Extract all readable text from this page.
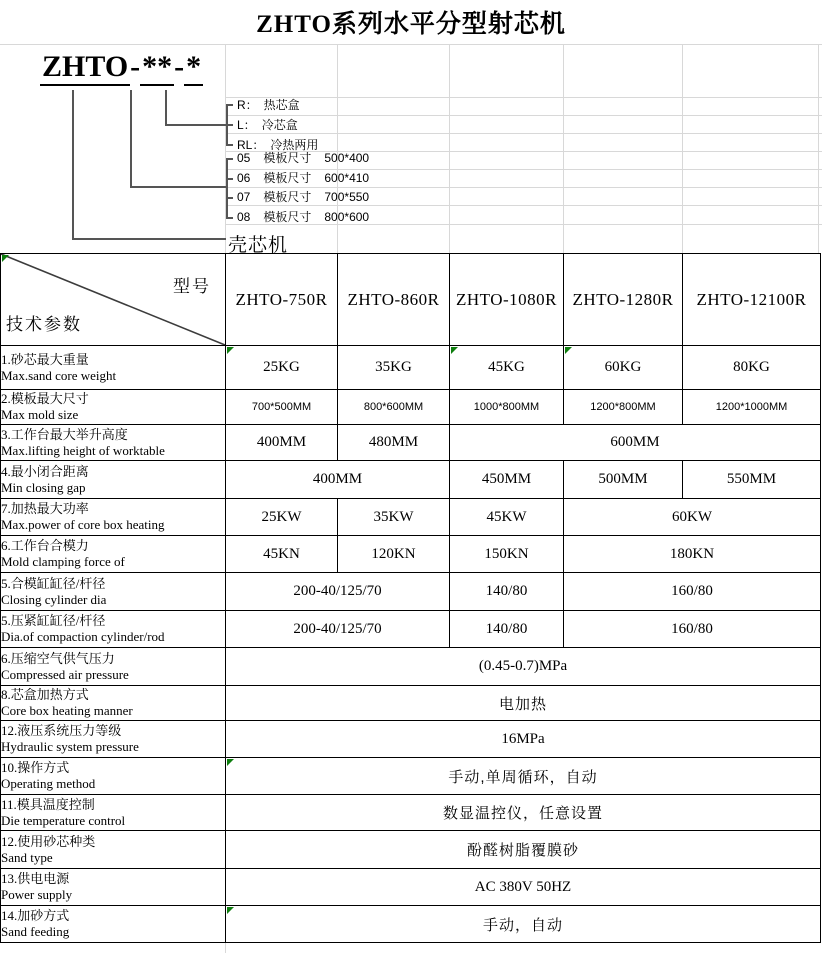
ZHTO系列水平分型射芯机
ZHTO-**-*
R： 热芯盒
L： 冷芯盒
RL： 冷热两用
05 模板尺寸 500*400
06 模板尺寸 600*410
07 模板尺寸 700*550
08 模板尺寸 800*600
壳芯机
型号
技术参数	ZHTO-750R	ZHTO-860R	ZHTO-1080R	ZHTO-1280R	ZHTO-12100R

1.砂芯最大重量
Max.sand core weight	25KG	35KG	45KG	60KG	80KG

2.模板最大尺寸
Max mold size	700*500MM	800*600MM	1000*800MM	1200*800MM	1200*1000MM

3.工作台最大举升高度
Max.lifting height of worktable	400MM	480MM	600MM		

4.最小闭合距离
Min closing gap	400MM		450MM	500MM	550MM

7.加热最大功率
Max.power of core box heating	25KW	35KW	45KW	60KW	

6.工作台合模力
Mold clamping force of	45KN	120KN	150KN	180KN	

5.合模缸缸径/杆径
Closing cylinder dia	200-40/125/70		140/80	160/80	

5.压紧缸缸径/杆径
Dia.of compaction cylinder/rod	200-40/125/70		140/80	160/80	

6.压缩空气供气压力
Compressed air pressure	(0.45-0.7)MPa				

8.芯盒加热方式
Core box heating manner	电加热				

12.液压系统压力等级
Hydraulic system pressure	16MPa				

10.操作方式
Operating method	手动,单周循环，自动				

11.模具温度控制
Die temperature control	数显温控仪，任意设置				

12.使用砂芯种类
Sand type	酚醛树脂覆膜砂				

13.供电电源
Power supply	AC 380V 50HZ				

14.加砂方式
Sand feeding	手动，自动				
